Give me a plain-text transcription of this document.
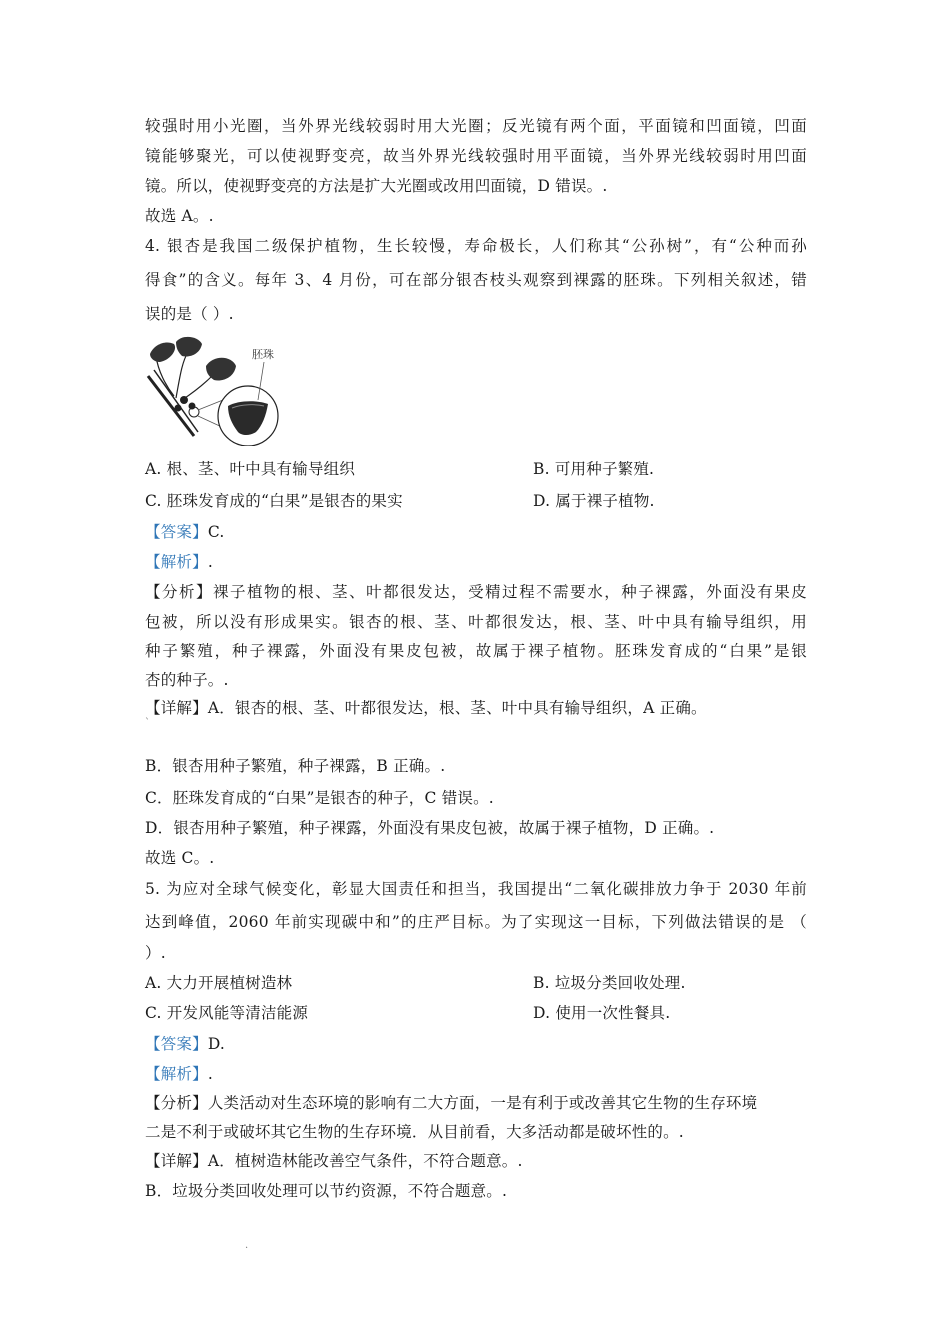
较强时用小光圈，当外界光线较弱时用大光圈；反光镜有两个面，平面镜和凹面镜，凹面
镜能够聚光，可以使视野变亮，故当外界光线较强时用平面镜，当外界光线较弱时用凹面
镜。所以，使视野变亮的方法是扩大光圈或改用凹面镜，D 错误。.
故选 A。.
4. 银杏是我国二级保护植物，生长较慢，寿命极长，人们称其“公孙树”，有“公种而孙
得食”的含义。每年 3、4 月份，可在部分银杏枝头观察到裸露的胚珠。下列相关叙述，错
误的是（ ）.
胚珠
A. 根、茎、叶中具有输导组织	B. 可用种子繁殖.
C. 胚珠发育成的“白果”是银杏的果实	D. 属于裸子植物.
【答案】C.
【解析】.
【分析】裸子植物的根、茎、叶都很发达，受精过程不需要水，种子裸露，外面没有果皮
包被，所以没有形成果实。银杏的根、茎、叶都很发达，根、茎、叶中具有输导组织，用
种子繁殖，种子裸露，外面没有果皮包被，故属于裸子植物。胚珠发育成的“白果”是银
杏的种子。.
【详解】A．银杏的根、茎、叶都很发达，根、茎、叶中具有输导组织，A 正确。
`
B．银杏用种子繁殖，种子裸露，B 正确。.
C．胚珠发育成的“白果”是银杏的种子，C 错误。.
D．银杏用种子繁殖，种子裸露，外面没有果皮包被，故属于裸子植物，D 正确。.
故选 C。.
5. 为应对全球气候变化，彰显大国责任和担当，我国提出“二氧化碳排放力争于 2030 年前
达到峰值，2060 年前实现碳中和”的庄严目标。为了实现这一目标，下列做法错误的是 （
）.
A. 大力开展植树造林	B. 垃圾分类回收处理.
C. 开发风能等清洁能源	D. 使用一次性餐具.
【答案】D.
【解析】.
【分析】人类活动对生态环境的影响有二大方面，一是有利于或改善其它生物的生存环境
二是不利于或破坏其它生物的生存环境．从目前看，大多活动都是破坏性的。.
【详解】A．植树造林能改善空气条件，不符合题意。.
B．垃圾分类回收处理可以节约资源，不符合题意。.
.
